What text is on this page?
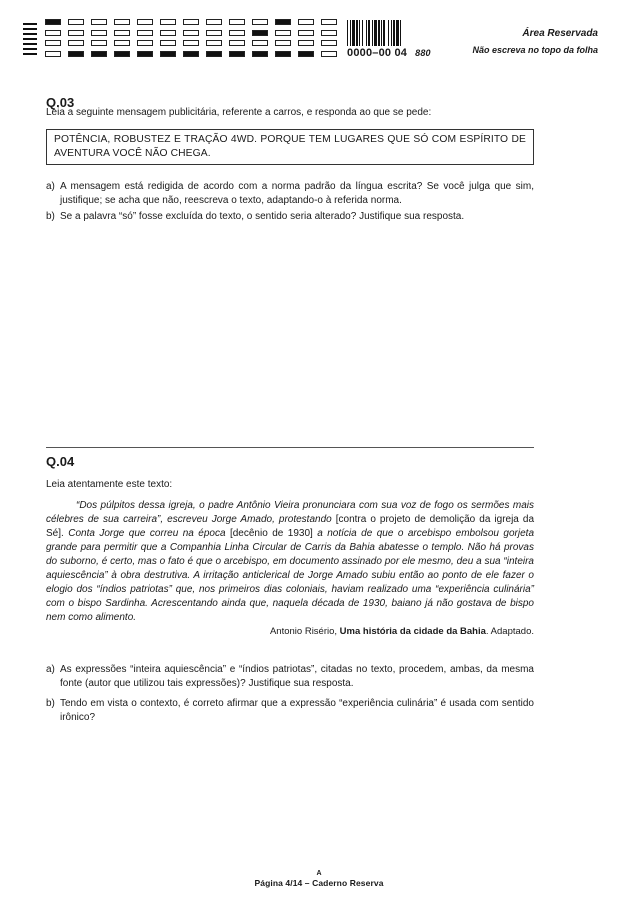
0000–00 04 880
Área Reservada
Não escreva no topo da folha
Q.03
Leia a seguinte mensagem publicitária, referente a carros, e responda ao que se pede:
POTÊNCIA, ROBUSTEZ E TRAÇÃO 4WD. PORQUE TEM LUGARES QUE SÓ COM ESPÍRITO DE AVENTURA VOCÊ NÃO CHEGA.
a) A mensagem está redigida de acordo com a norma padrão da língua escrita? Se você julga que sim, justifique; se acha que não, reescreva o texto, adaptando-o à referida norma.
b) Se a palavra “só” fosse excluída do texto, o sentido seria alterado? Justifique sua resposta.
Q.04
Leia atentamente este texto:
“Dos púlpitos dessa igreja, o padre Antônio Vieira pronunciara com sua voz de fogo os sermões mais célebres de sua carreira”, escreveu Jorge Amado, protestando [contra o projeto de demolição da igreja da Sé]. Conta Jorge que correu na época [decênio de 1930] a notícia de que o arcebispo embolsou gorjeta grande para permitir que a Companhia Linha Circular de Carris da Bahia abatesse o templo. Não há provas do suborno, é certo, mas o fato é que o arcebispo, em documento assinado por ele mesmo, deu a sua “inteira aquiescência” à obra destrutiva. A irritação anticlerical de Jorge Amado subiu então ao ponto de ele fazer o elogio dos “índios patriotas” que, nos primeiros dias coloniais, haviam realizado uma “experiência culinária” com o bispo Sardinha. Acrescentando ainda que, naquela década de 1930, baiano já não gostava de bispo nem como alimento.
Antonio Risério, Uma história da cidade da Bahia. Adaptado.
a) As expressões “inteira aquiescência” e “índios patriotas”, citadas no texto, procedem, ambas, da mesma fonte (autor que utilizou tais expressões)? Justifique sua resposta.
b) Tendo em vista o contexto, é correto afirmar que a expressão “experiência culinária” é usada com sentido irônico?
A
Página 4/14 – Caderno Reserva
